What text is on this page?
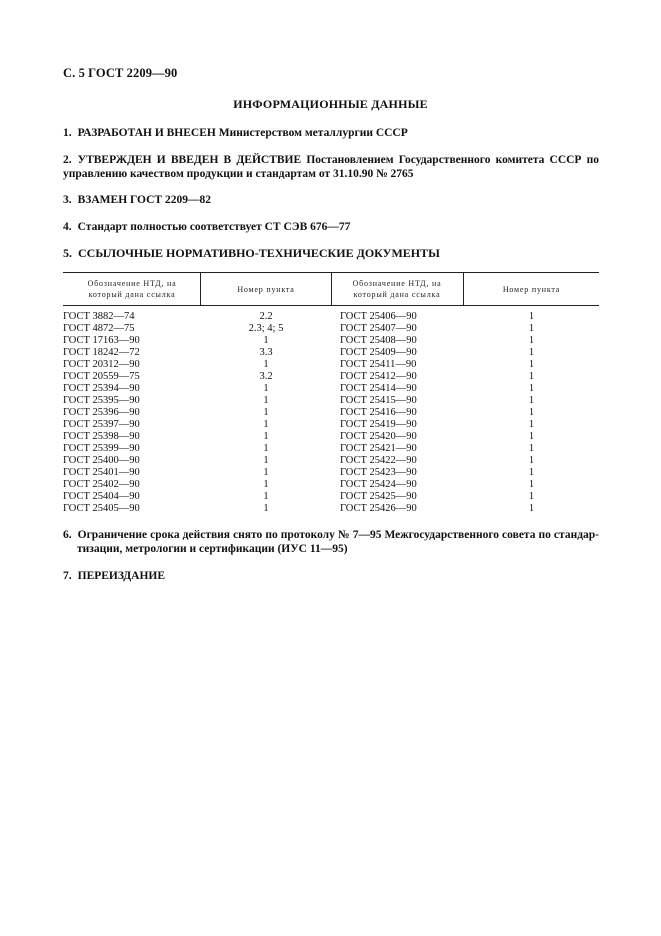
С. 5 ГОСТ 2209—90
ИНФОРМАЦИОННЫЕ ДАННЫЕ
1. РАЗРАБОТАН И ВНЕСЕН Министерством металлургии СССР
2. УТВЕРЖДЕН И ВВЕДЕН В ДЕЙСТВИЕ Постановлением Государственного комитета СССР по
управлению качеством продукции и стандартам от 31.10.90 № 2765
3. ВЗАМЕН ГОСТ 2209—82
4. Стандарт полностью соответствует СТ СЭВ 676—77
5. ССЫЛОЧНЫЕ НОРМАТИВНО-ТЕХНИЧЕСКИЕ ДОКУМЕНТЫ
Обозначение НТД, на который дана ссылка
Номер пункта
Обозначение НТД, на который дана ссылка
Номер пункта
ГОСТ 3882—74
ГОСТ 4872—75
ГОСТ 17163—90
ГОСТ 18242—72
ГОСТ 20312—90
ГОСТ 20559—75
ГОСТ 25394—90
ГОСТ 25395—90
ГОСТ 25396—90
ГОСТ 25397—90
ГОСТ 25398—90
ГОСТ 25399—90
ГОСТ 25400—90
ГОСТ 25401—90
ГОСТ 25402—90
ГОСТ 25404—90
ГОСТ 25405—90
2.2
2.3; 4; 5
1
3.3
1
3.2
1
1
1
1
1
1
1
1
1
1
1
ГОСТ 25406—90
ГОСТ 25407—90
ГОСТ 25408—90
ГОСТ 25409—90
ГОСТ 25411—90
ГОСТ 25412—90
ГОСТ 25414—90
ГОСТ 25415—90
ГОСТ 25416—90
ГОСТ 25419—90
ГОСТ 25420—90
ГОСТ 25421—90
ГОСТ 25422—90
ГОСТ 25423—90
ГОСТ 25424—90
ГОСТ 25425—90
ГОСТ 25426—90
1
1
1
1
1
1
1
1
1
1
1
1
1
1
1
1
1
6. Ограничение срока действия снято по протоколу № 7—95 Межгосударственного совета по стандар-
тизации, метрологии и сертификации (ИУС 11—95)
7. ПЕРЕИЗДАНИЕ
